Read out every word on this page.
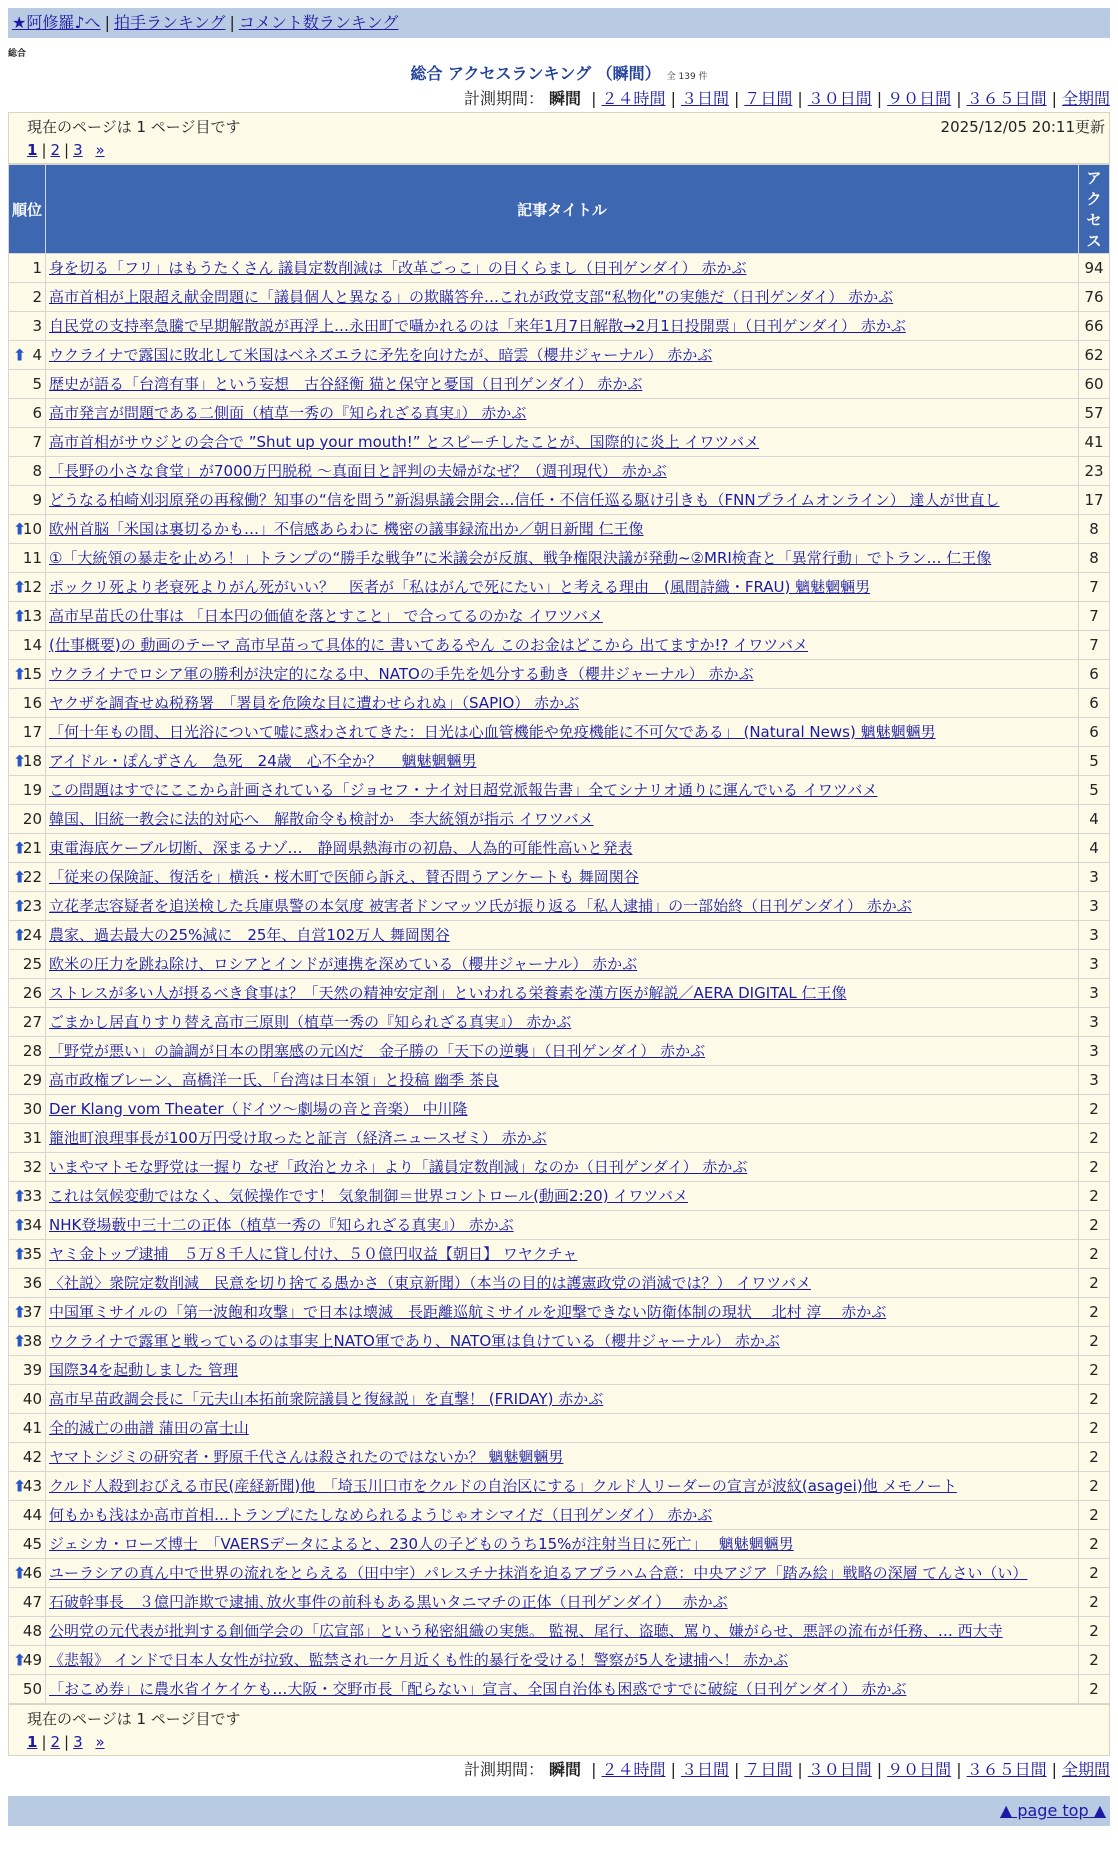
★阿修羅♪へ | 拍手ランキング | コメント数ランキング
総合
総合 アクセスランキング （瞬間） 全 139 件
計測期間： 瞬間 | ２４時間 | ３日間 | ７日間 | ３０日間 | ９０日間 | ３６５日間 | 全期間
現在のページは 1 ページ目です	2025/12/05 20:11更新
1 | 2 | 3 »
順位	記事タイトル	アクセス
1	身を切る「フリ」はもうたくさん 議員定数削減は「改革ごっこ」の目くらまし（日刊ゲンダイ） 赤かぶ	94
2	高市首相が上限超え献金問題に「議員個人と異なる」の欺瞞答弁…これが政党支部“私物化”の実態だ（日刊ゲンダイ） 赤かぶ	76
3	自民党の支持率急騰で早期解散説が再浮上…永田町で囁かれるのは「来年1月7日解散→2月1日投開票」（日刊ゲンダイ） 赤かぶ	66

⬆ 4	ウクライナで露国に敗北して米国はベネズエラに矛先を向けたが、暗雲（櫻井ジャーナル） 赤かぶ	62
5	歴史が語る「台湾有事」という妄想　古谷経衡 猫と保守と憂国（日刊ゲンダイ） 赤かぶ	60
6	高市発言が問題である二側面（植草一秀の『知られざる真実』） 赤かぶ	57
7	高市首相がサウジとの会合で ”Shut up your mouth!” とスピーチしたことが、国際的に炎上 イワツバメ	41
8	「長野の小さな食堂」が7000万円脱税 ～真面目と評判の夫婦がなぜ？（週刊現代） 赤かぶ	23
9	どうなる柏崎刈羽原発の再稼働？知事の“信を問う”新潟県議会開会…信任・不信任巡る駆け引きも（FNNプライムオンライン） 達人が世直し	17

⬆
10	欧州首脳「米国は裏切るかも…」不信感あらわに 機密の議事録流出か／朝日新聞 仁王像	8
11	①「大統領の暴走を止めろ！」トランプの“勝手な戦争”に米議会が反旗、戦争権限決議が発動~②MRI検査と「異常行動」でトラン… 仁王像	8

⬆
12	ポックリ死より老衰死よりがん死がいい？　医者が「私はがんで死にたい」と考える理由　(風間詩織・FRAU) 魑魅魍魎男	7

⬆
13	高市早苗氏の仕事は 「日本円の価値を落とすこと」 で合ってるのかな イワツバメ	7
14	(仕事概要)の 動画のテーマ 高市早苗って具体的に 書いてあるやん このお金はどこから 出てますか!? イワツバメ	7

⬆
15	ウクライナでロシア軍の勝利が決定的になる中、NATOの手先を処分する動き（櫻井ジャーナル） 赤かぶ	6
16	ヤクザを調査せぬ税務署　「署員を危険な目に遭わせられぬ」（SAPIO） 赤かぶ	6
17	「何十年もの間、日光浴について嘘に惑わされてきた：日光は心血管機能や免疫機能に不可欠である」 (Natural News) 魑魅魍魎男	6

⬆
18	アイドル・ぽんずさん　急死　24歳　心不全か？　 魑魅魍魎男	5
19	この問題はすでにここから計画されている「ジョセフ・ナイ対日超党派報告書」全てシナリオ通りに運んでいる イワツバメ	5
20	韓国、旧統一教会に法的対応へ　解散命令も検討か　李大統領が指示 イワツバメ	4

⬆
21	東電海底ケーブル切断、深まるナゾ…　静岡県熱海市の初島、人為的可能性高いと発表	4

⬆
22	「従来の保険証、復活を」横浜・桜木町で医師ら訴え、賛否問うアンケートも 舞岡関谷	3

⬆
23	立花孝志容疑者を追送検した兵庫県警の本気度 被害者ドンマッツ氏が振り返る「私人逮捕」の一部始終（日刊ゲンダイ） 赤かぶ	3

⬆
24	農家、過去最大の25%減に　25年、自営102万人 舞岡関谷	3
25	欧米の圧力を跳ね除け、ロシアとインドが連携を深めている（櫻井ジャーナル） 赤かぶ	3
26	ストレスが多い人が摂るべき食事は？「天然の精神安定剤」といわれる栄養素を漢方医が解説／AERA DIGITAL 仁王像	3
27	ごまかし居直りすり替え高市三原則（植草一秀の『知られざる真実』） 赤かぶ	3
28	「野党が悪い」の論調が日本の閉塞感の元凶だ　金子勝の「天下の逆襲」（日刊ゲンダイ） 赤かぶ	3
29	高市政権ブレーン、高橋洋一氏、「台湾は日本領」と投稿 幽季 茶良	3
30	Der Klang vom Theater（ドイツ～劇場の音と音楽） 中川隆	2
31	籠池町浪理事長が100万円受け取ったと証言（経済ニュースゼミ） 赤かぶ	2
32	いまやマトモな野党は一握り なぜ「政治とカネ」より「議員定数削減」なのか（日刊ゲンダイ） 赤かぶ	2

⬆
33	これは気候変動ではなく、気候操作です！ 気象制御＝世界コントロール(動画2:20) イワツバメ	2

⬆
34	NHK登場藪中三十二の正体（植草一秀の『知られざる真実』） 赤かぶ	2

⬆
35	ヤミ金トップ逮捕　５万８千人に貸し付け、５０億円収益【朝日】 ワヤクチャ	2
36	〈社説〉衆院定数削減　民意を切り捨てる愚かさ（東京新聞）（本当の目的は護憲政党の消滅では？） イワツバメ	2

⬆
37	中国軍ミサイルの「第一波飽和攻撃」で日本は壊滅　長距離巡航ミサイルを迎撃できない防衛体制の現状　 北村 淳　 赤かぶ	2

⬆
38	ウクライナで露軍と戦っているのは事実上NATO軍であり、NATO軍は負けている（櫻井ジャーナル） 赤かぶ	2
39	国際34を起動しました 管理	2
40	高市早苗政調会長に「元夫山本拓前衆院議員と復縁説」を直撃！ (FRIDAY) 赤かぶ	2
41	全的滅亡の曲譜 蒲田の富士山	2
42	ヤマトシジミの研究者・野原千代さんは殺されたのではないか？ 魑魅魍魎男	2

⬆
43	クルド人殺到おびえる市民(産経新聞)他　「埼玉川口市をクルドの自治区にする」クルド人リーダーの宣言が波紋(asagei)他 メモノート	2
44	何もかも浅はか高市首相…トランプにたしなめられるようじゃオシマイだ（日刊ゲンダイ） 赤かぶ	2
45	ジェシカ・ローズ博士　「VAERSデータによると、230人の子どものうち15%が注射当日に死亡」　 魑魅魍魎男	2

⬆
46	ユーラシアの真ん中で世界の流れをとらえる（田中宇）パレスチナ抹消を迫るアブラハム合意：中央アジア「踏み絵」戦略の深層 てんさい（い）	2
47	石破幹事長　３億円詐欺で逮捕､放火事件の前科もある黒いタニマチの正体（日刊ゲンダイ）　 赤かぶ	2
48	公明党の元代表が批判する創価学会の「広宣部」という秘密組織の実態。 監視、尾行、盗聴、罵り、嫌がらせ、悪評の流布が任務、… 西大寺	2

⬆
49	《悲報》 インドで日本人女性が拉致、監禁され一ケ月近くも性的暴行を受ける！警察が5人を逮捕へ！ 赤かぶ	2
50	「おこめ券」に農水省イケイケも…大阪・交野市長「配らない」宣言、全国自治体も困惑ですでに破綻（日刊ゲンダイ） 赤かぶ	2
現在のページは 1 ページ目です
1 | 2 | 3 »
計測期間： 瞬間 | ２４時間 | ３日間 | ７日間 | ３０日間 | ９０日間 | ３６５日間 | 全期間
▲ page top ▲
